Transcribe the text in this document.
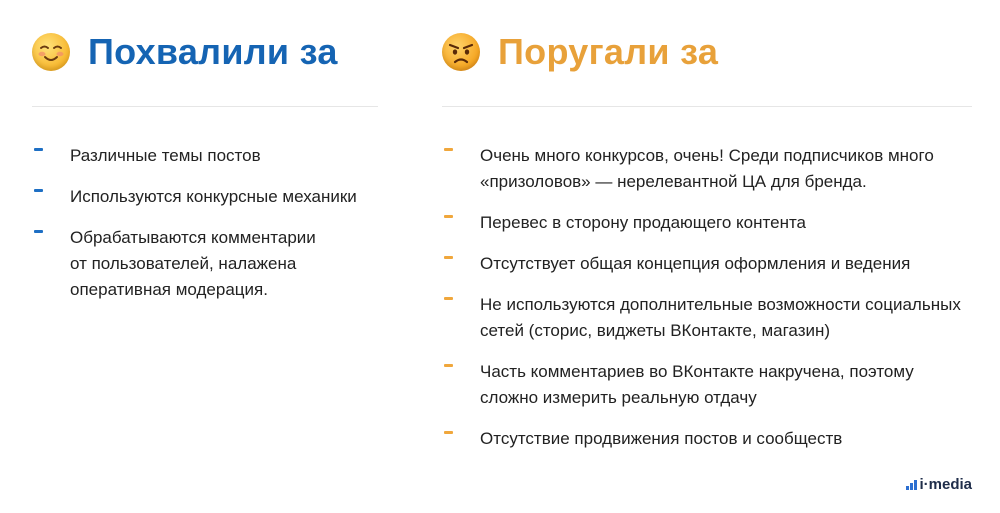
Похвалили за
Различные темы постов
Используются конкурсные механики
Обрабатываются комментарии
от пользователей, налажена
оперативная модерация.
Поругали за
Очень много конкурсов, очень! Среди подписчиков много
«призоловов» — нерелевантной ЦА для бренда.
Перевес в сторону продающего контента
Отсутствует общая концепция оформления и ведения
Не используются дополнительные возможности социальных
сетей (сторис, виджеты ВКонтакте, магазин)
Часть комментариев во ВКонтакте накручена, поэтому
сложно измерить реальную отдачу
Отсутствие продвижения постов и сообществ
i·media
